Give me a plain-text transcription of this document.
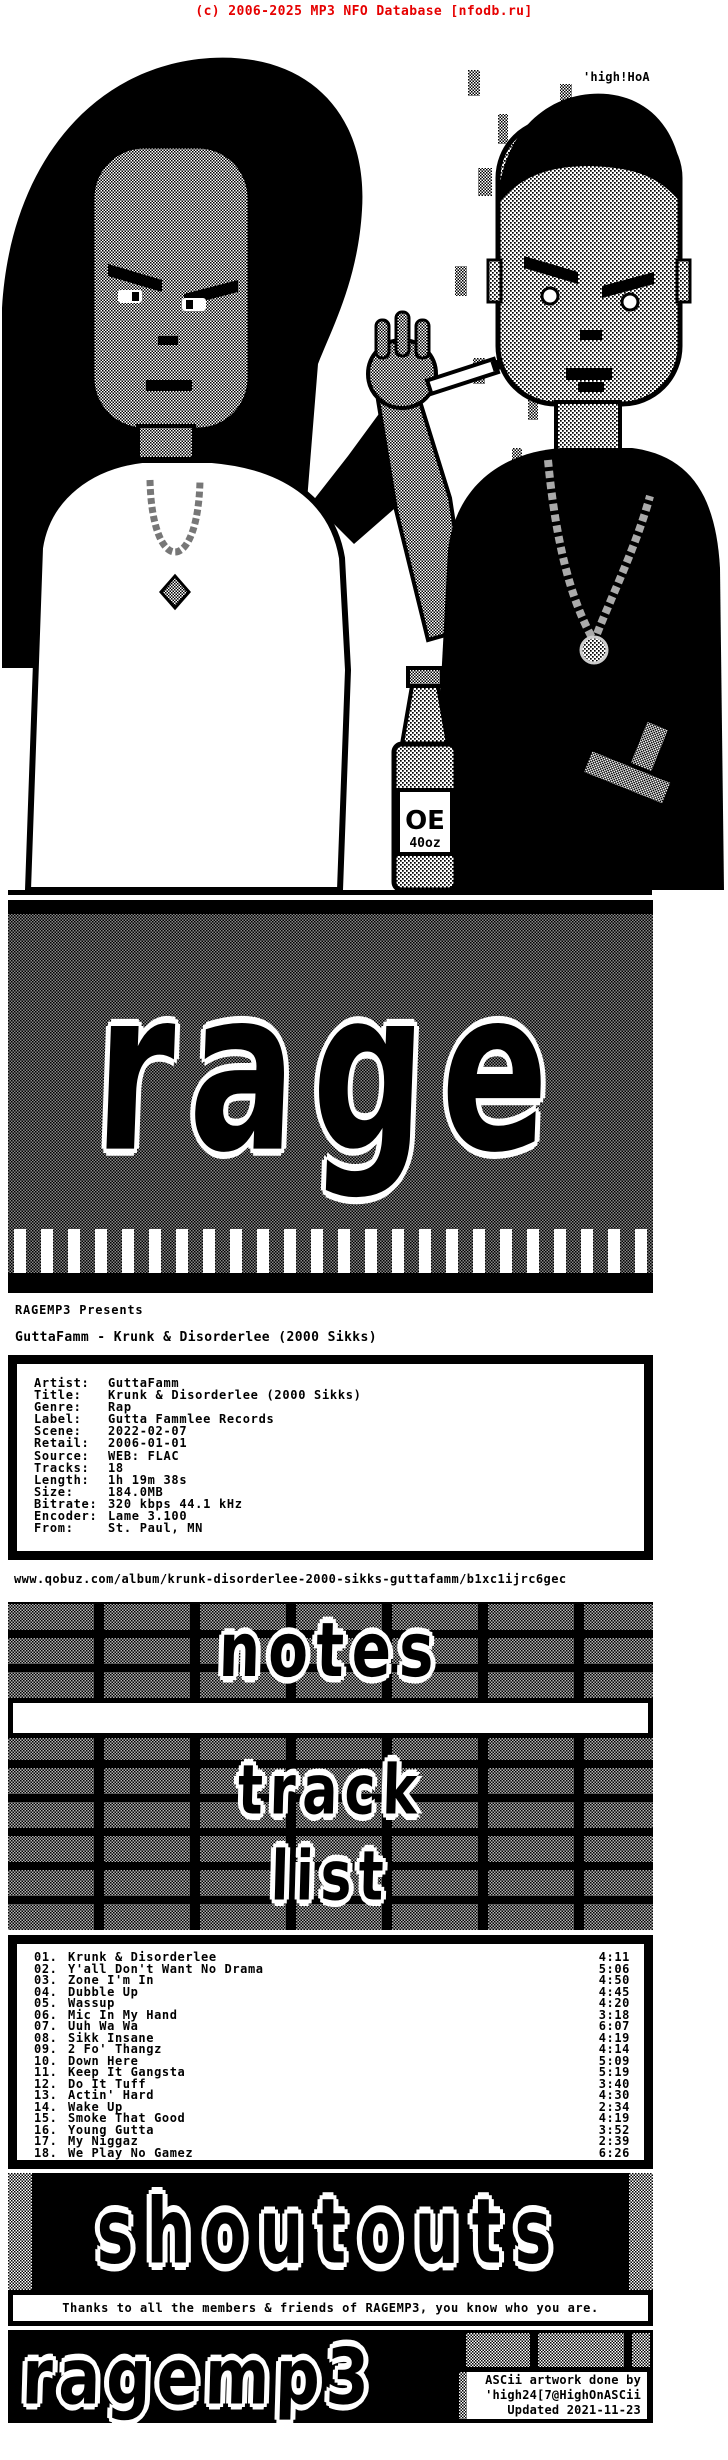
(c) 2006-2025 MP3 NFO Database [nfodb.ru]
OE
40oz
'high!HoA
rage
RAGEMP3 Presents
GuttaFamm - Krunk & Disorderlee (2000 Sikks)
Artist:	GuttaFamm
Title:	Krunk & Disorderlee (2000 Sikks)
Genre:	Rap
Label:	Gutta Fammlee Records
Scene:	2022-02-07
Retail:	2006-01-01
Source:	WEB: FLAC
Tracks:	18
Length:	1h 19m 38s
Size:	184.0MB
Bitrate: 320 kbps 44.1 kHz
Encoder: Lame 3.100
From:	St. Paul, MN
www.qobuz.com/album/krunk-disorderlee-2000-sikks-guttafamm/b1xc1ijrc6gec
notes
track
list
01. Krunk & Disorderlee	4:11
02. Y'all Don't Want No Drama	5:06
03. Zone I'm In	4:50
04. Dubble Up	4:45
05. Wassup	4:20
06. Mic In My Hand	3:18
07. Uuh Wa Wa	6:07
08. Sikk Insane	4:19
09. 2 Fo' Thangz	4:14
10. Down Here	5:09
11. Keep It Gangsta	5:19
12. Do It Tuff	3:40
13. Actin' Hard	4:30
14. Wake Up	2:34
15. Smoke That Good	4:19
16. Young Gutta	3:52
17. My Niggaz	2:39
18. We Play No Gamez	6:26
shoutouts
Thanks to all the members & friends of RAGEMP3, you know who you are.
ragemp3	ASCii artwork done by
'high24[7@HighOnASCii
Updated 2021-11-23
